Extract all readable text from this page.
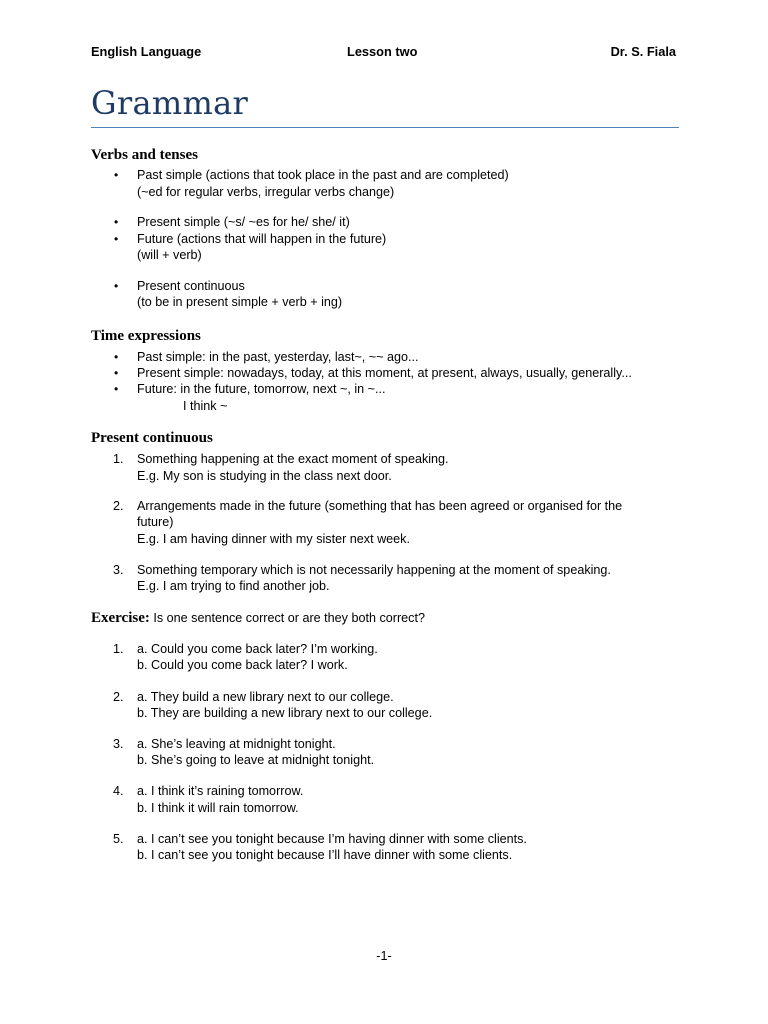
English Language	Lesson two	Dr. S. Fiala
Grammar
Verbs and tenses
• Past simple (actions that took place in the past and are completed)
(~ed for regular verbs, irregular verbs change)
• Present simple (~s/ ~es for he/ she/ it)
• Future (actions that will happen in the future)
(will + verb)
• Present continuous
(to be in present simple + verb + ing)
Time expressions
• Past simple: in the past, yesterday, last~, ~~ ago...
• Present simple: nowadays, today, at this moment, at present, always, usually, generally...
• Future: in the future, tomorrow, next ~, in ~...
I think ~
Present continuous
1. Something happening at the exact moment of speaking.
E.g. My son is studying in the class next door.
2. Arrangements made in the future (something that has been agreed or organised for the
future)
E.g. I am having dinner with my sister next week.
3. Something temporary which is not necessarily happening at the moment of speaking.
E.g. I am trying to find another job.
Exercise: Is one sentence correct or are they both correct?
1. a. Could you come back later? I’m working.
b. Could you come back later? I work.
2. a. They build a new library next to our college.
b. They are building a new library next to our college.
3. a. She’s leaving at midnight tonight.
b. She’s going to leave at midnight tonight.
4. a. I think it’s raining tomorrow.
b. I think it will rain tomorrow.
5. a. I can’t see you tonight because I’m having dinner with some clients.
b. I can’t see you tonight because I’ll have dinner with some clients.
-1-
